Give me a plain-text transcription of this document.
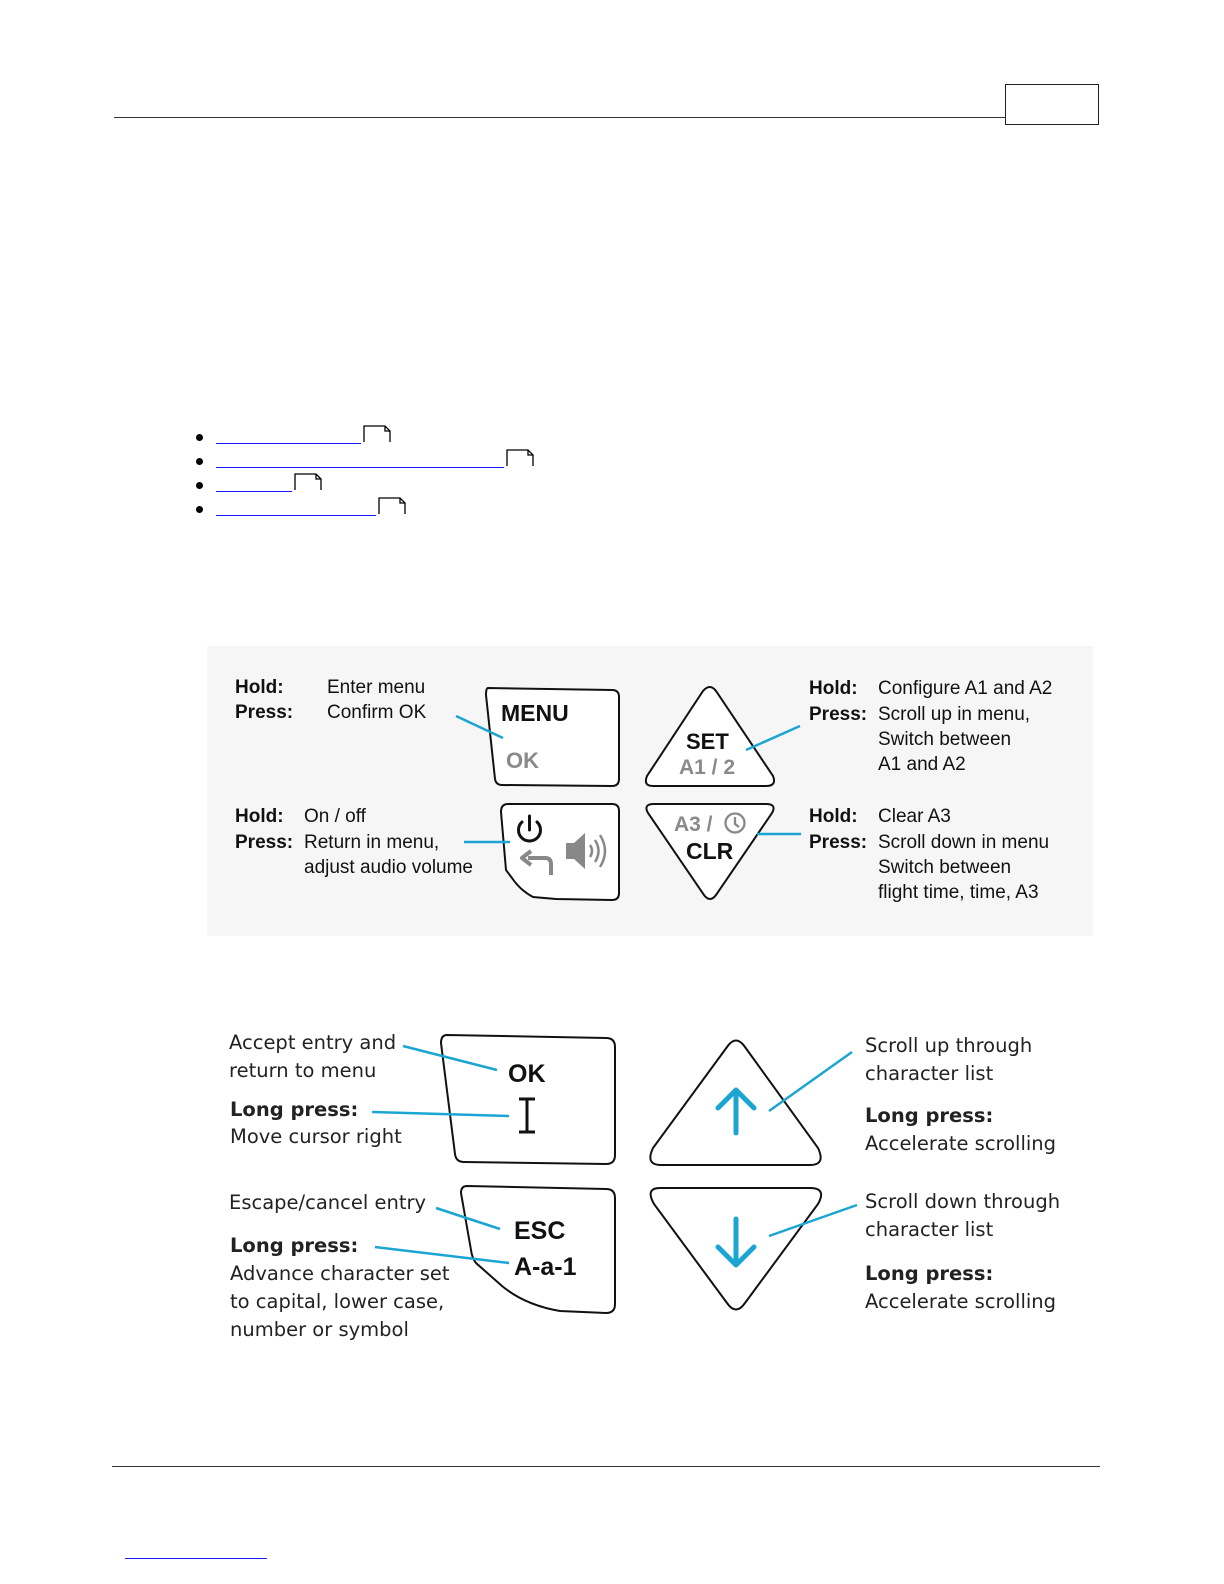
MENU
OK
SET
A1 / 2
A3 /
CLR
Hold: Enter menu
Press: Confirm OK
Hold: Configure A1 and A2
Press: Scroll up in menu,
Switch between
A1 and A2
Hold: On / off
Press: Return in menu,
adjust audio volume
Hold: Clear A3
Press: Scroll down in menu
Switch between
flight time, time, A3
OK
ESC
A-a-1
Accept entry and
return to menu
Long press:
Move cursor right
Escape/cancel entry
Long press:
Advance character set
to capital, lower case,
number or symbol
Scroll up through
character list
Long press:
Accelerate scrolling
Scroll down through
character list
Long press:
Accelerate scrolling
